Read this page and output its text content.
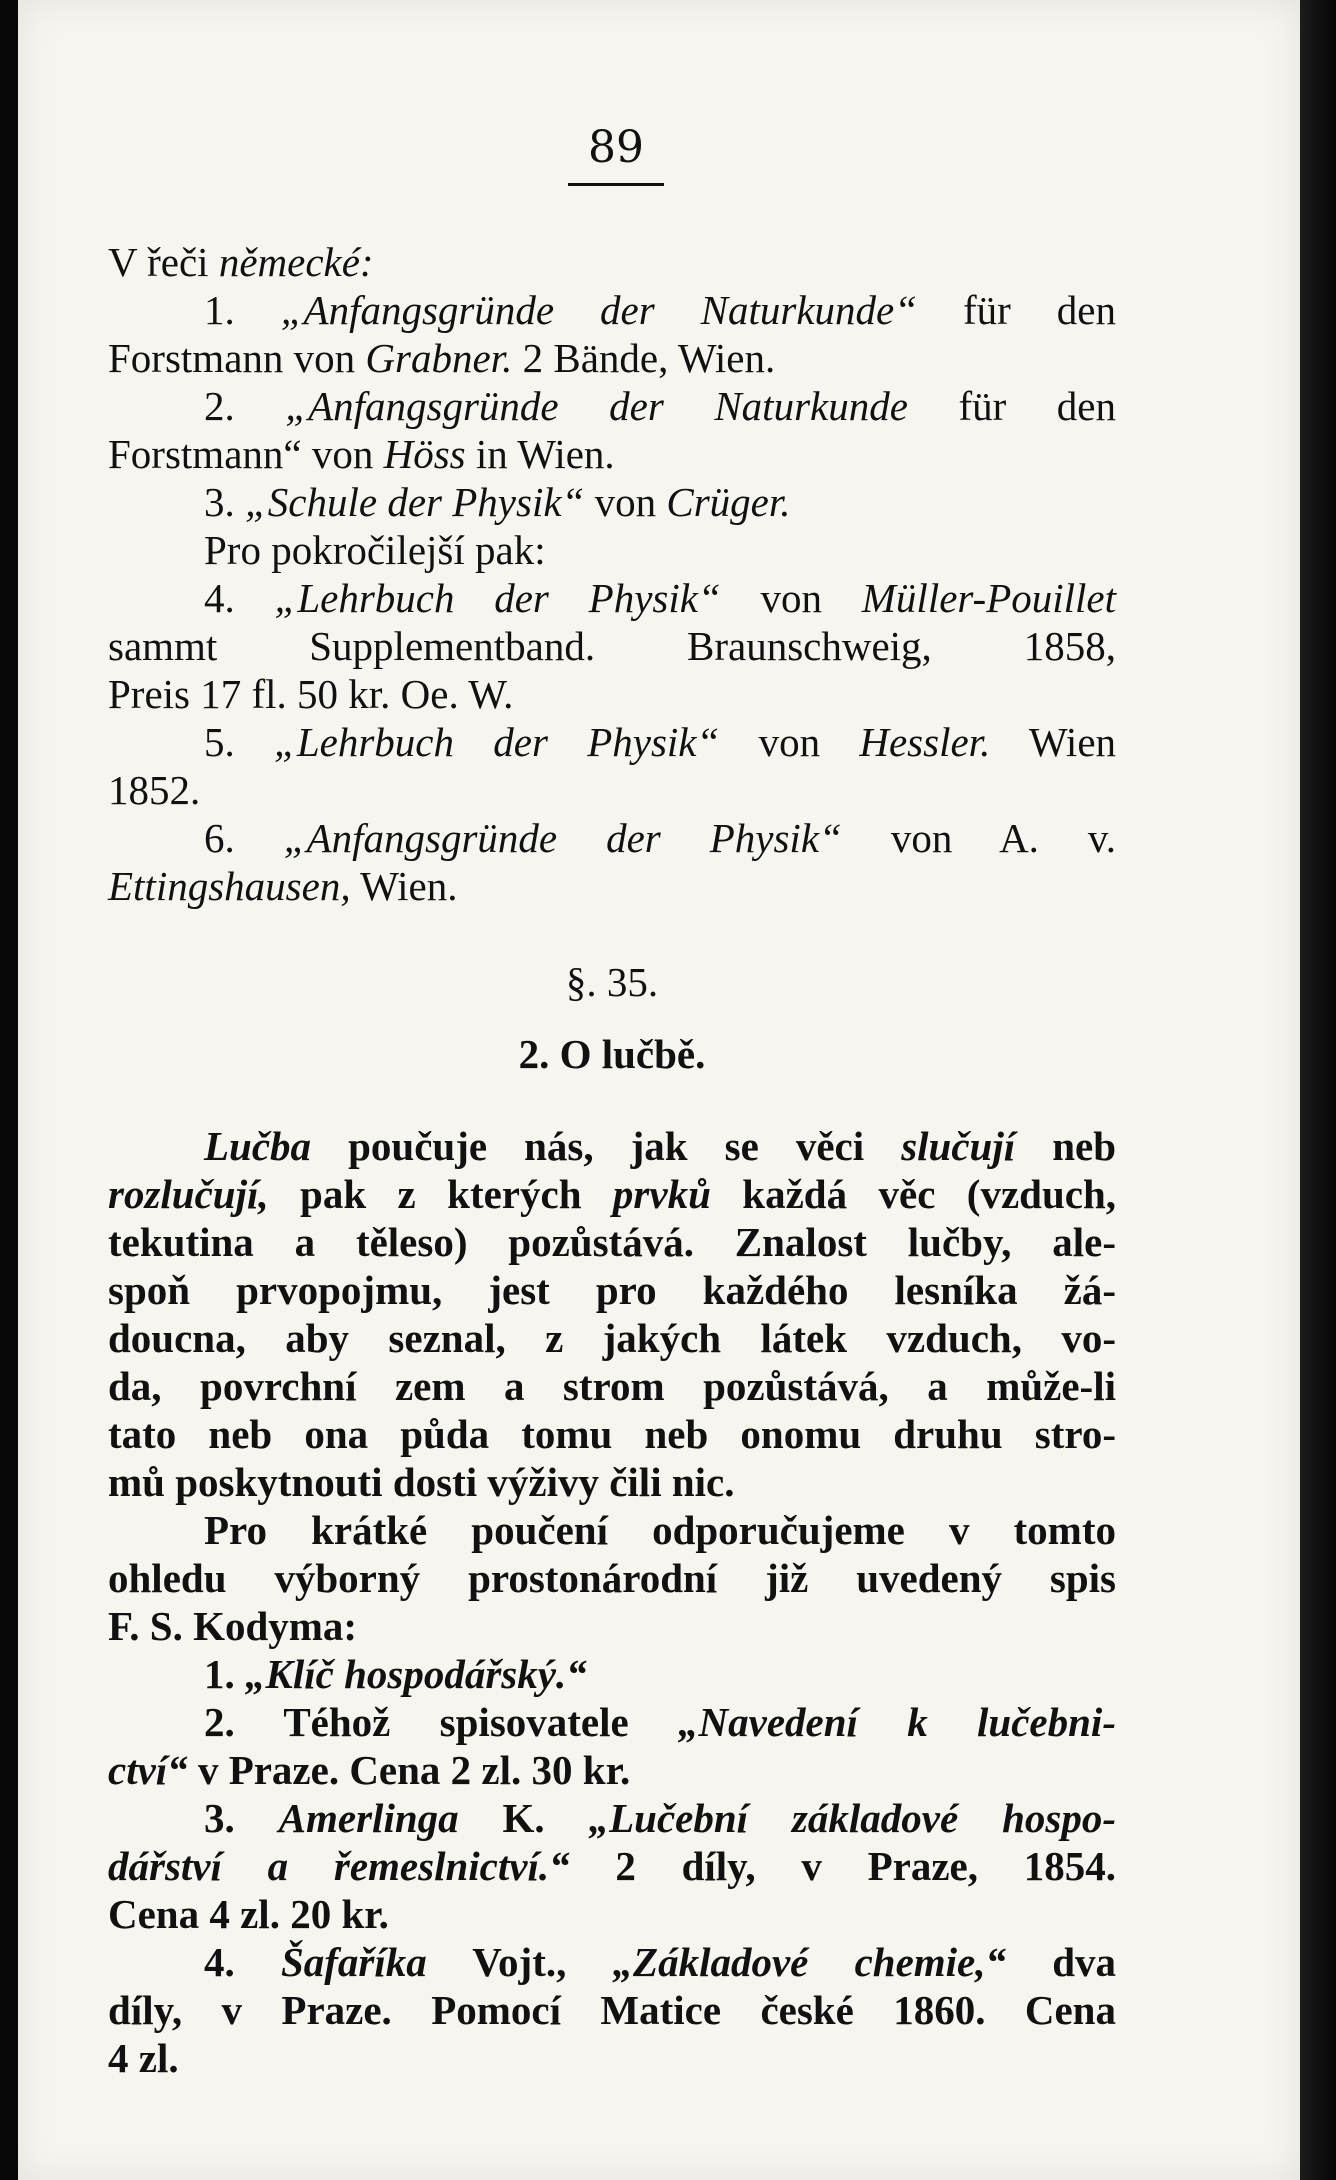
89
V řeči německé:
1. „Anfangsgründe der Naturkunde“ für den
Forstmann von Grabner. 2 Bände, Wien.
2. „Anfangsgründe der Naturkunde für den
Forstmann“ von Höss in Wien.
3. „Schule der Physik“ von Crüger.
Pro pokročilejší pak:
4. „Lehrbuch der Physik“ von Müller-Pouillet
sammt Supplementband. Braunschweig, 1858,
Preis 17 fl. 50 kr. Oe. W.
5. „Lehrbuch der Physik“ von Hessler. Wien
1852.
6. „Anfangsgründe der Physik“ von A. v.
Ettingshausen, Wien.
§. 35.
2. O lučbě.
Lučba poučuje nás, jak se věci slučují neb
rozlučují, pak z kterých prvků každá věc (vzduch,
tekutina a těleso) pozůstává. Znalost lučby, ale-
spoň prvopojmu, jest pro každého lesníka žá-
doucna, aby seznal, z jakých látek vzduch, vo-
da, povrchní zem a strom pozůstává, a může-li
tato neb ona půda tomu neb onomu druhu stro-
mů poskytnouti dosti výživy čili nic.
Pro krátké poučení odporučujeme v tomto
ohledu výborný prostonárodní již uvedený spis
F. S. Kodyma:
1. „Klíč hospodářský.“
2. Téhož spisovatele „Navedení k lučebni-
ctví“ v Praze. Cena 2 zl. 30 kr.
3. Amerlinga K. „Lučební základové hospo-
dářství a řemeslnictví.“ 2 díly, v Praze, 1854.
Cena 4 zl. 20 kr.
4. Šafaříka Vojt., „Základové chemie,“ dva
díly, v Praze. Pomocí Matice české 1860. Cena
4 zl.
